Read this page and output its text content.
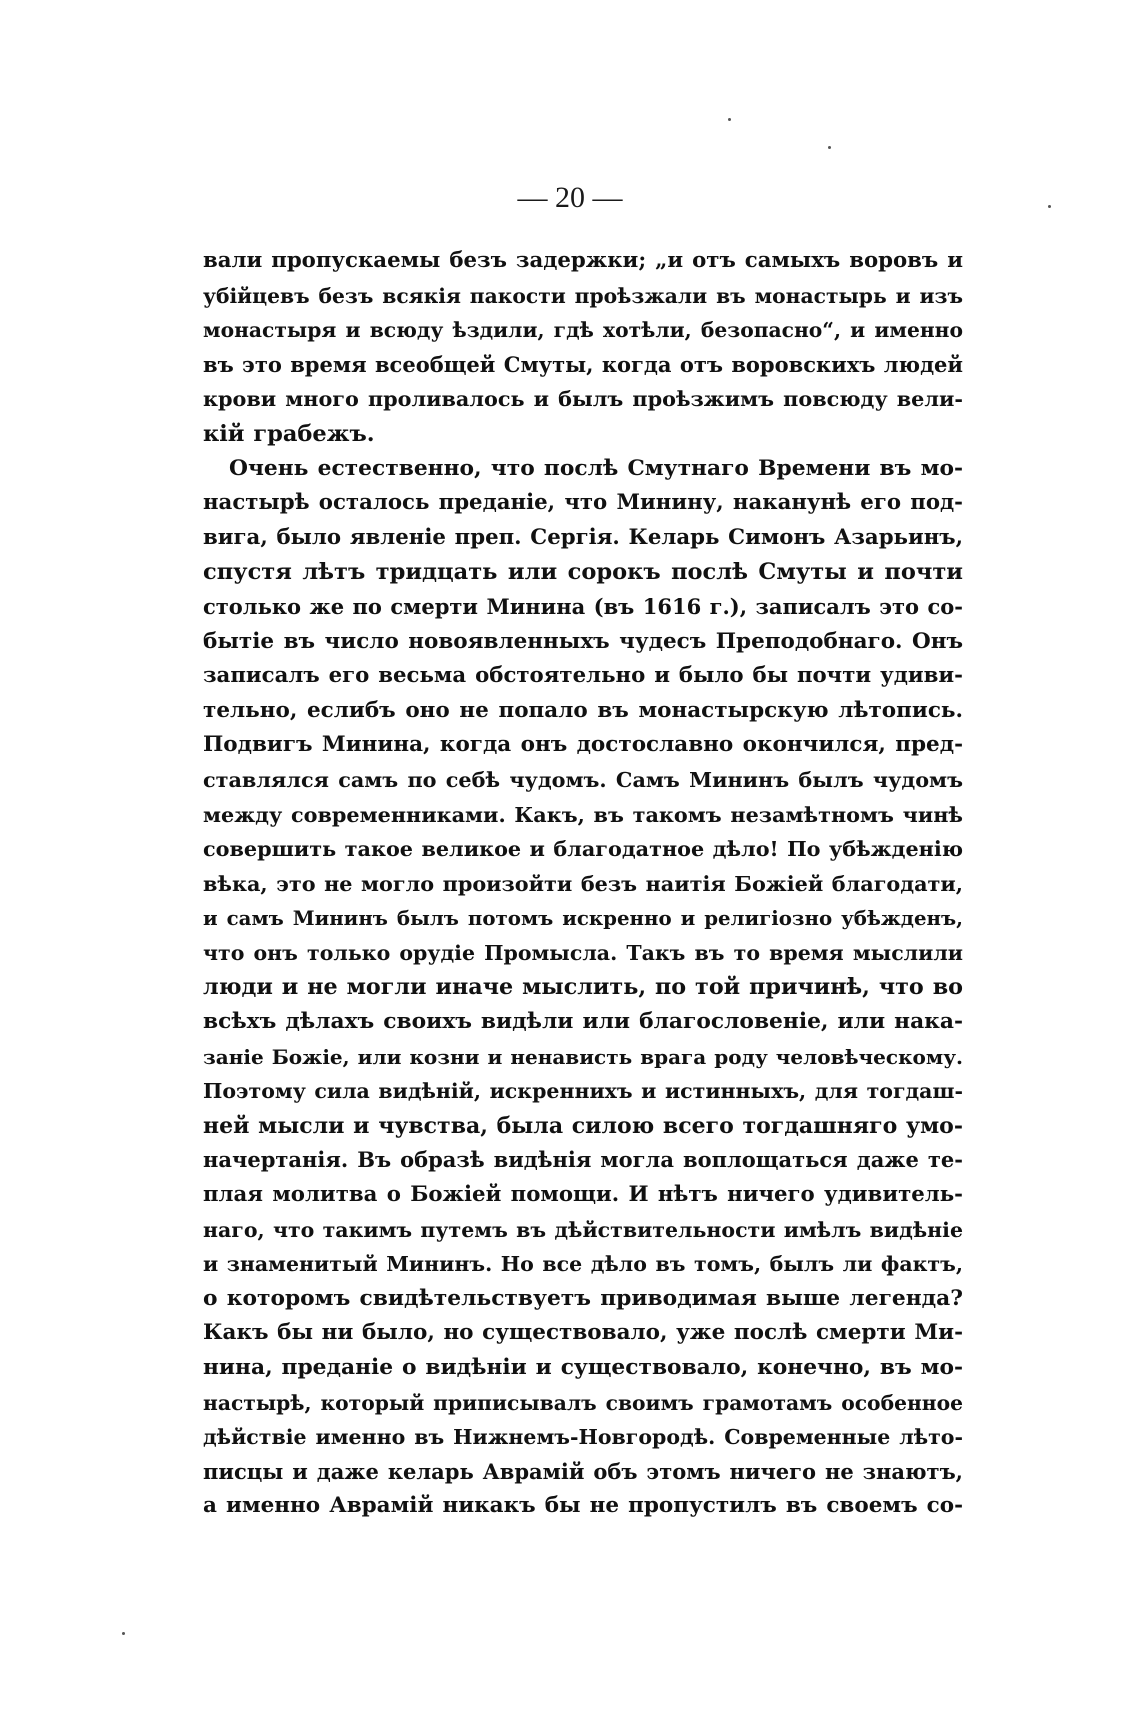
— 20 —
вали пропускаемы безъ задержки; „и отъ самыхъ воровъ и
убійцевъ безъ всякія пакости проѣзжали въ монастырь и изъ
монастыря и всюду ѣздили, гдѣ хотѣли, безопасно“, и именно
въ это время всеобщей Смуты, когда отъ воровскихъ людей
крови много проливалось и былъ проѣзжимъ повсюду вели-
кій грабежъ.
Очень естественно, что послѣ Смутнаго Времени въ мо-
настырѣ осталось преданіе, что Минину, наканунѣ его под-
вига, было явленіе преп. Сергія. Келарь Симонъ Азарьинъ,
спустя лѣтъ тридцать или сорокъ послѣ Смуты и почти
столько же по смерти Минина (въ 1616 г.), записалъ это со-
бытіе въ число новоявленныхъ чудесъ Преподобнаго. Онъ
записалъ его весьма обстоятельно и было бы почти удиви-
тельно, еслибъ оно не попало въ монастырскую лѣтопись.
Подвигъ Минина, когда онъ достославно окончился, пред-
ставлялся самъ по себѣ чудомъ. Самъ Мининъ былъ чудомъ
между современниками. Какъ, въ такомъ незамѣтномъ чинѣ
совершить такое великое и благодатное дѣло! По убѣжденію
вѣка, это не могло произойти безъ наитія Божіей благодати,
и самъ Мининъ былъ потомъ искренно и религіозно убѣжденъ,
что онъ только орудіе Промысла. Такъ въ то время мыслили
люди и не могли иначе мыслить, по той причинѣ, что во
всѣхъ дѣлахъ своихъ видѣли или благословеніе, или нака-
заніе Божіе, или козни и ненависть врага роду человѣческому.
Поэтому сила видѣній, искреннихъ и истинныхъ, для тогдаш-
ней мысли и чувства, была силою всего тогдашняго умо-
начертанія. Въ образѣ видѣнія могла воплощаться даже те-
плая молитва о Божіей помощи. И нѣтъ ничего удивитель-
наго, что такимъ путемъ въ дѣйствительности имѣлъ видѣніе
и знаменитый Мининъ. Но все дѣло въ томъ, былъ ли фактъ,
о которомъ свидѣтельствуетъ приводимая выше легенда?
Какъ бы ни было, но существовало, уже послѣ смерти Ми-
нина, преданіе о видѣніи и существовало, конечно, въ мо-
настырѣ, который приписывалъ своимъ грамотамъ особенное
дѣйствіе именно въ Нижнемъ-Новгородѣ. Современные лѣто-
писцы и даже келарь Аврамій объ этомъ ничего не знаютъ,
а именно Аврамій никакъ бы не пропустилъ въ своемъ со-
